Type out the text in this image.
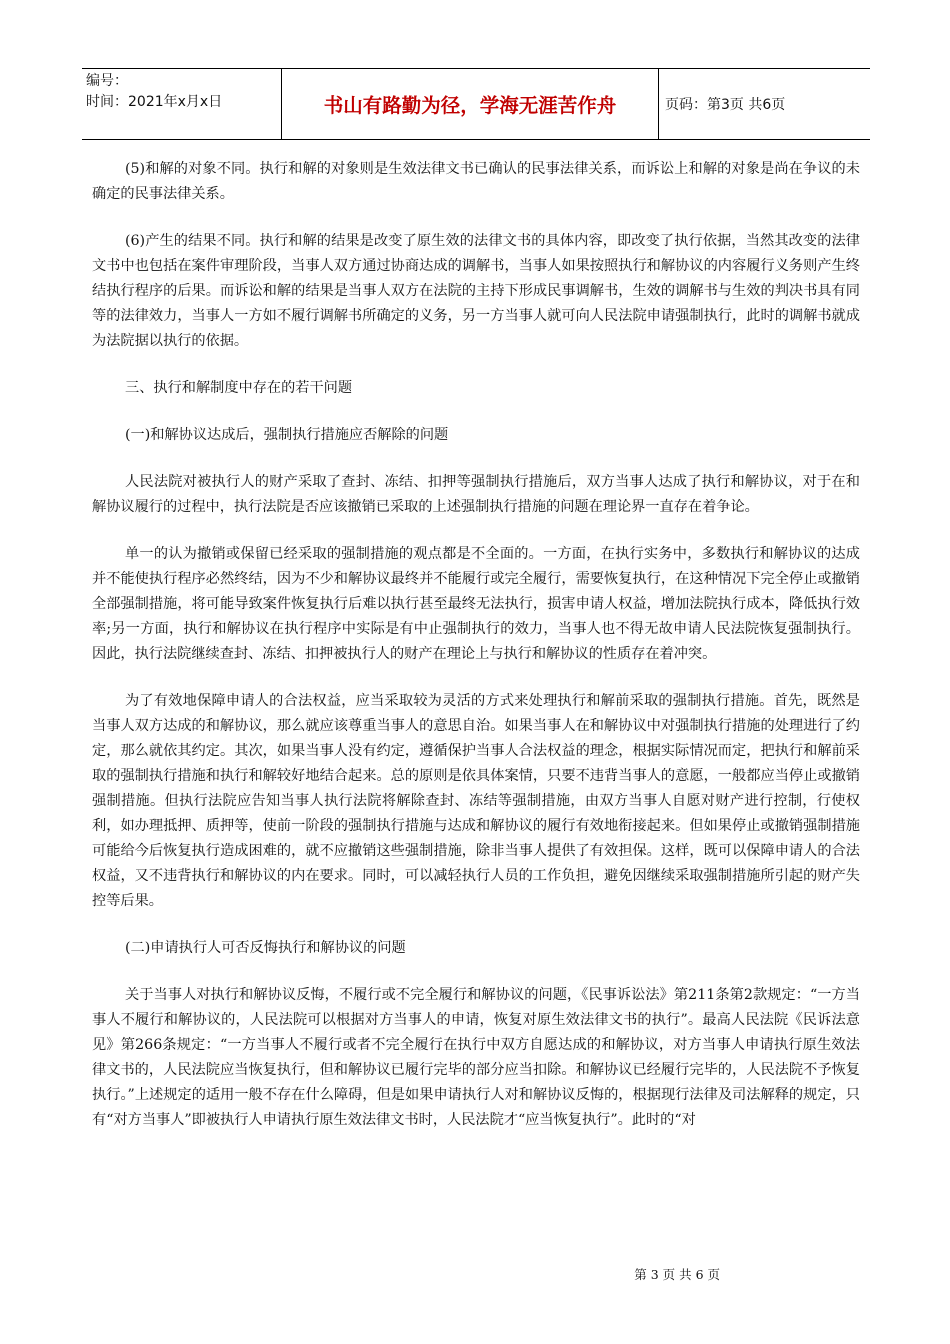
编号：
时间：2021年x月x日	书山有路勤为径，学海无涯苦作舟	页码：第3页 共6页

(5)和解的对象不同。执行和解的对象则是生效法律文书已确认的民事法律关系，而诉讼上和解的对象是尚在争议的未确定的民事法律关系。

(6)产生的结果不同。执行和解的结果是改变了原生效的法律文书的具体内容，即改变了执行依据，当然其改变的法律文书中也包括在案件审理阶段，当事人双方通过协商达成的调解书，当事人如果按照执行和解协议的内容履行义务则产生终结执行程序的后果。而诉讼和解的结果是当事人双方在法院的主持下形成民事调解书，生效的调解书与生效的判决书具有同等的法律效力，当事人一方如不履行调解书所确定的义务，另一方当事人就可向人民法院申请强制执行，此时的调解书就成为法院据以执行的依据。

三、执行和解制度中存在的若干问题

(一)和解协议达成后，强制执行措施应否解除的问题

人民法院对被执行人的财产采取了查封、冻结、扣押等强制执行措施后，双方当事人达成了执行和解协议，对于在和解协议履行的过程中，执行法院是否应该撤销已采取的上述强制执行措施的问题在理论界一直存在着争论。

单一的认为撤销或保留已经采取的强制措施的观点都是不全面的。一方面，在执行实务中，多数执行和解协议的达成并不能使执行程序必然终结，因为不少和解协议最终并不能履行或完全履行，需要恢复执行，在这种情况下完全停止或撤销全部强制措施，将可能导致案件恢复执行后难以执行甚至最终无法执行，损害申请人权益，增加法院执行成本，降低执行效率;另一方面，执行和解协议在执行程序中实际是有中止强制执行的效力，当事人也不得无故申请人民法院恢复强制执行。因此，执行法院继续查封、冻结、扣押被执行人的财产在理论上与执行和解协议的性质存在着冲突。

为了有效地保障申请人的合法权益，应当采取较为灵活的方式来处理执行和解前采取的强制执行措施。首先，既然是当事人双方达成的和解协议，那么就应该尊重当事人的意思自治。如果当事人在和解协议中对强制执行措施的处理进行了约定，那么就依其约定。其次，如果当事人没有约定，遵循保护当事人合法权益的理念，根据实际情况而定，把执行和解前采取的强制执行措施和执行和解较好地结合起来。总的原则是依具体案情，只要不违背当事人的意愿，一般都应当停止或撤销强制措施。但执行法院应告知当事人执行法院将解除查封、冻结等强制措施，由双方当事人自愿对财产进行控制，行使权利，如办理抵押、质押等，使前一阶段的强制执行措施与达成和解协议的履行有效地衔接起来。但如果停止或撤销强制措施可能给今后恢复执行造成困难的，就不应撤销这些强制措施，除非当事人提供了有效担保。这样，既可以保障申请人的合法权益，又不违背执行和解协议的内在要求。同时，可以减轻执行人员的工作负担，避免因继续采取强制措施所引起的财产失控等后果。

(二)申请执行人可否反悔执行和解协议的问题

关于当事人对执行和解协议反悔，不履行或不完全履行和解协议的问题，《民事诉讼法》第211条第2款规定：“一方当事人不履行和解协议的，人民法院可以根据对方当事人的申请，恢复对原生效法律文书的执行”。最高人民法院《民诉法意见》第266条规定：“一方当事人不履行或者不完全履行在执行中双方自愿达成的和解协议，对方当事人申请执行原生效法律文书的，人民法院应当恢复执行，但和解协议已履行完毕的部分应当扣除。和解协议已经履行完毕的，人民法院不予恢复执行。”上述规定的适用一般不存在什么障碍，但是如果申请执行人对和解协议反悔的，根据现行法律及司法解释的规定，只有“对方当事人”即被执行人申请执行原生效法律文书时，人民法院才“应当恢复执行”。此时的“对

第 3 页 共 6 页
